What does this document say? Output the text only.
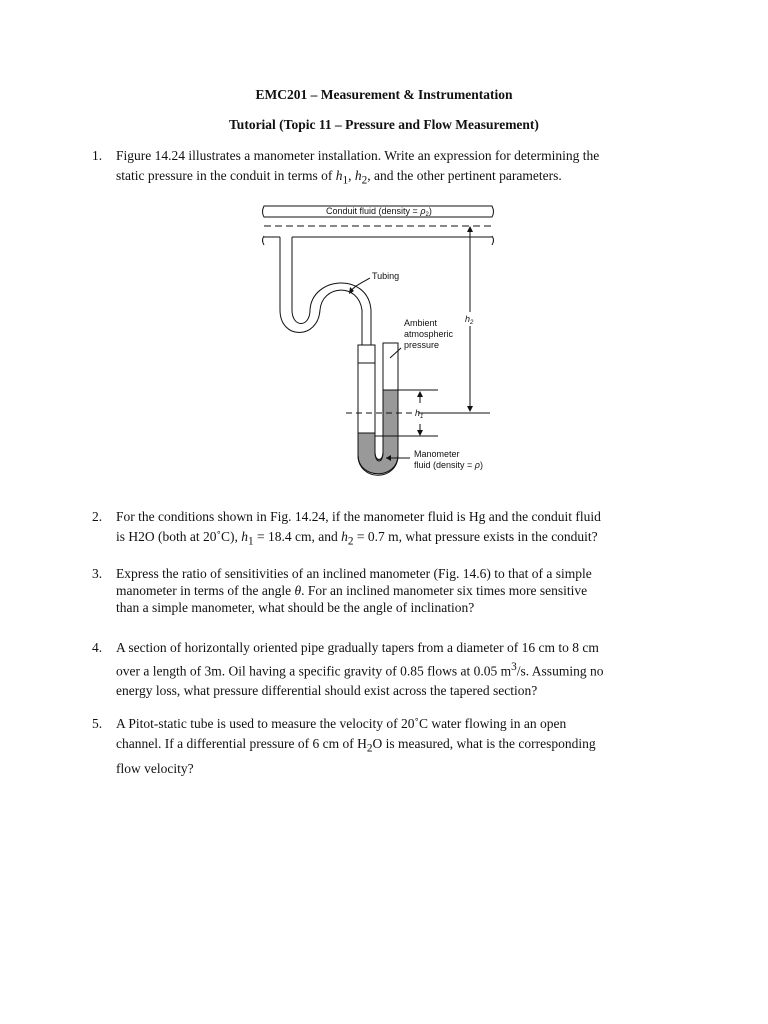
EMC201 – Measurement & Instrumentation
Tutorial (Topic 11 – Pressure and Flow Measurement)
1. Figure 14.24 illustrates a manometer installation. Write an expression for determining the

static pressure in the conduit in terms of $h_1$, $h_2$, and the other pertinent parameters.

Conduit fluid (density = $\rho_2$)
Tubing
Ambient
atmospheric
pressure
$h_2$
$h_1$
Manometer
fluid (density = ρ)
2. For the conditions shown in Fig. 14.24, if the manometer fluid is Hg and the conduit fluid

is H2O (both at 20˚C), $h_1 = 18.4$ cm, and $h_2 = 0.7$ m, what pressure exists in the conduit?

3. Express the ratio of sensitivities of an inclined manometer (Fig. 14.6) to that of a simple

manometer in terms of the angle θ. For an inclined manometer six times more sensitive

than a simple manometer, what should be the angle of inclination?

4. A section of horizontally oriented pipe gradually tapers from a diameter of 16 cm to 8 cm

over a length of 3m. Oil having a specific gravity of 0.85 flows at 0.05 $m^3/s$. Assuming no

energy loss, what pressure differential should exist across the tapered section?

5. A Pitot-static tube is used to measure the velocity of 20˚C water flowing in an open

channel. If a differential pressure of 6 cm of $H_2O$ is measured, what is the corresponding

flow velocity?
